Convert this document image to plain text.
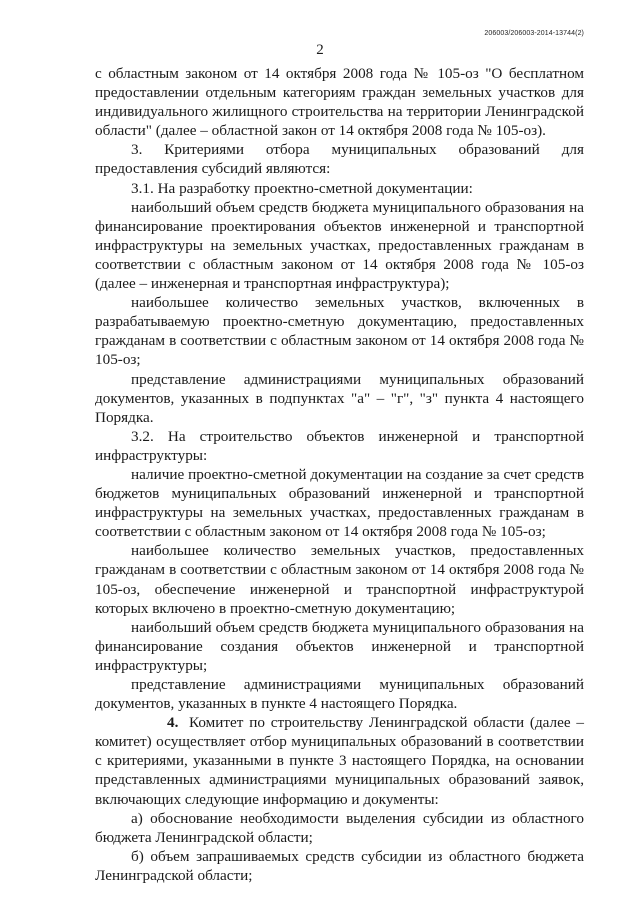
206003/206003-2014-13744(2)
2

с областным законом от 14 октября 2008 года № 105-оз "О бесплатном предоставлении отдельным категориям граждан земельных участков для индивидуального жилищного строительства на территории Ленинградской области" (далее – областной закон от 14 октября 2008 года № 105-оз).

3. Критериями отбора муниципальных образований для предоставления субсидий являются:

3.1. На разработку проектно-сметной документации:

наибольший объем средств бюджета муниципального образования на финансирование проектирования объектов инженерной и транспортной инфраструктуры на земельных участках, предоставленных гражданам в соответствии с областным законом от 14 октября 2008 года № 105-оз (далее – инженерная и транспортная инфраструктура);

наибольшее количество земельных участков, включенных в разрабатываемую проектно-сметную документацию, предоставленных гражданам в соответствии с областным законом от 14 октября 2008 года № 105-оз;

представление администрациями муниципальных образований документов, указанных в подпунктах "а" – "г", "з" пункта 4 настоящего Порядка.

3.2. На строительство объектов инженерной и транспортной инфраструктуры:

наличие проектно-сметной документации на создание за счет средств бюджетов муниципальных образований инженерной и транспортной инфраструктуры на земельных участках, предоставленных гражданам в соответствии с областным законом от 14 октября 2008 года № 105-оз;

наибольшее количество земельных участков, предоставленных гражданам в соответствии с областным законом от 14 октября 2008 года № 105-оз, обеспечение инженерной и транспортной инфраструктурой которых включено в проектно-сметную документацию;

наибольший объем средств бюджета муниципального образования на финансирование создания объектов инженерной и транспортной инфраструктуры;

представление администрациями муниципальных образований документов, указанных в пункте 4 настоящего Порядка.

4. Комитет по строительству Ленинградской области (далее – комитет) осуществляет отбор муниципальных образований в соответствии с критериями, указанными в пункте 3 настоящего Порядка, на основании представленных администрациями муниципальных образований заявок, включающих следующие информацию и документы:

а) обоснование необходимости выделения субсидии из областного бюджета Ленинградской области;

б) объем запрашиваемых средств субсидии из областного бюджета Ленинградской области;
